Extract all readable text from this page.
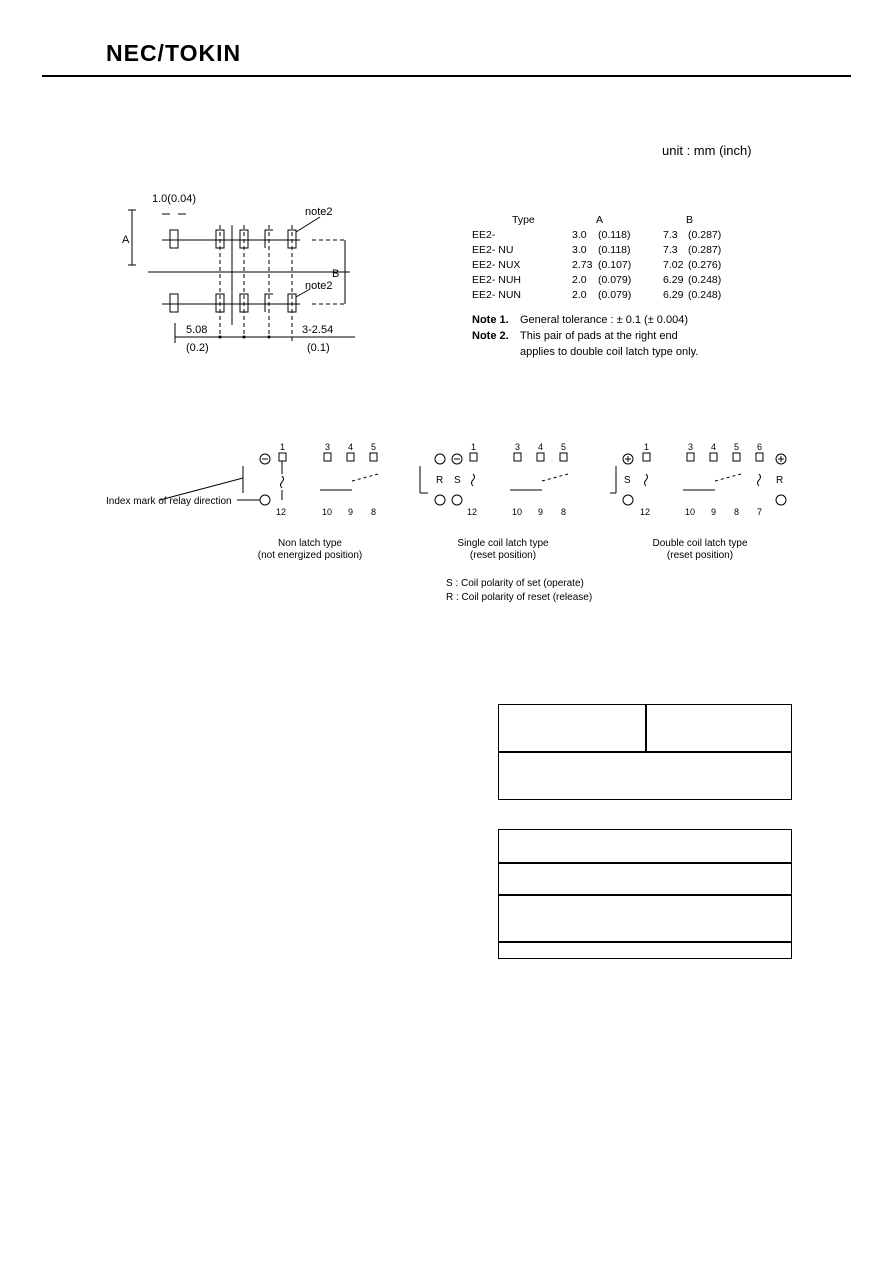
NEC/TOKIN
unit : mm (inch)
1.0(0.04)
A
B
note2
note2
5.08
(0.2)
3-2.54
(0.1)
Type	A	B
EE2-	3.0 (0.118)	7.3 (0.287)
EE2- NU	3.0 (0.118)	7.3 (0.287)
EE2- NUX	2.73 (0.107)	7.02 (0.276)
EE2- NUH	2.0 (0.079)	6.29 (0.248)
EE2- NUN	2.0 (0.079)	6.29 (0.248)
Note 1. General tolerance : ± 0.1 (± 0.004)
Note 2. This pair of pads at the right end
applies to double coil latch type only.
1	3 4 5
12	10 9 8
Index mark of relay direction
Non latch type
(not energized position)
1	3 4 5
12	10 9 8
R S
Single coil latch type
(reset position)
1	3 4 5 6
12	10 9 8 7
S	R
Double coil latch type
(reset position)
S : Coil polarity of set (operate)
R : Coil polarity of reset (release)
